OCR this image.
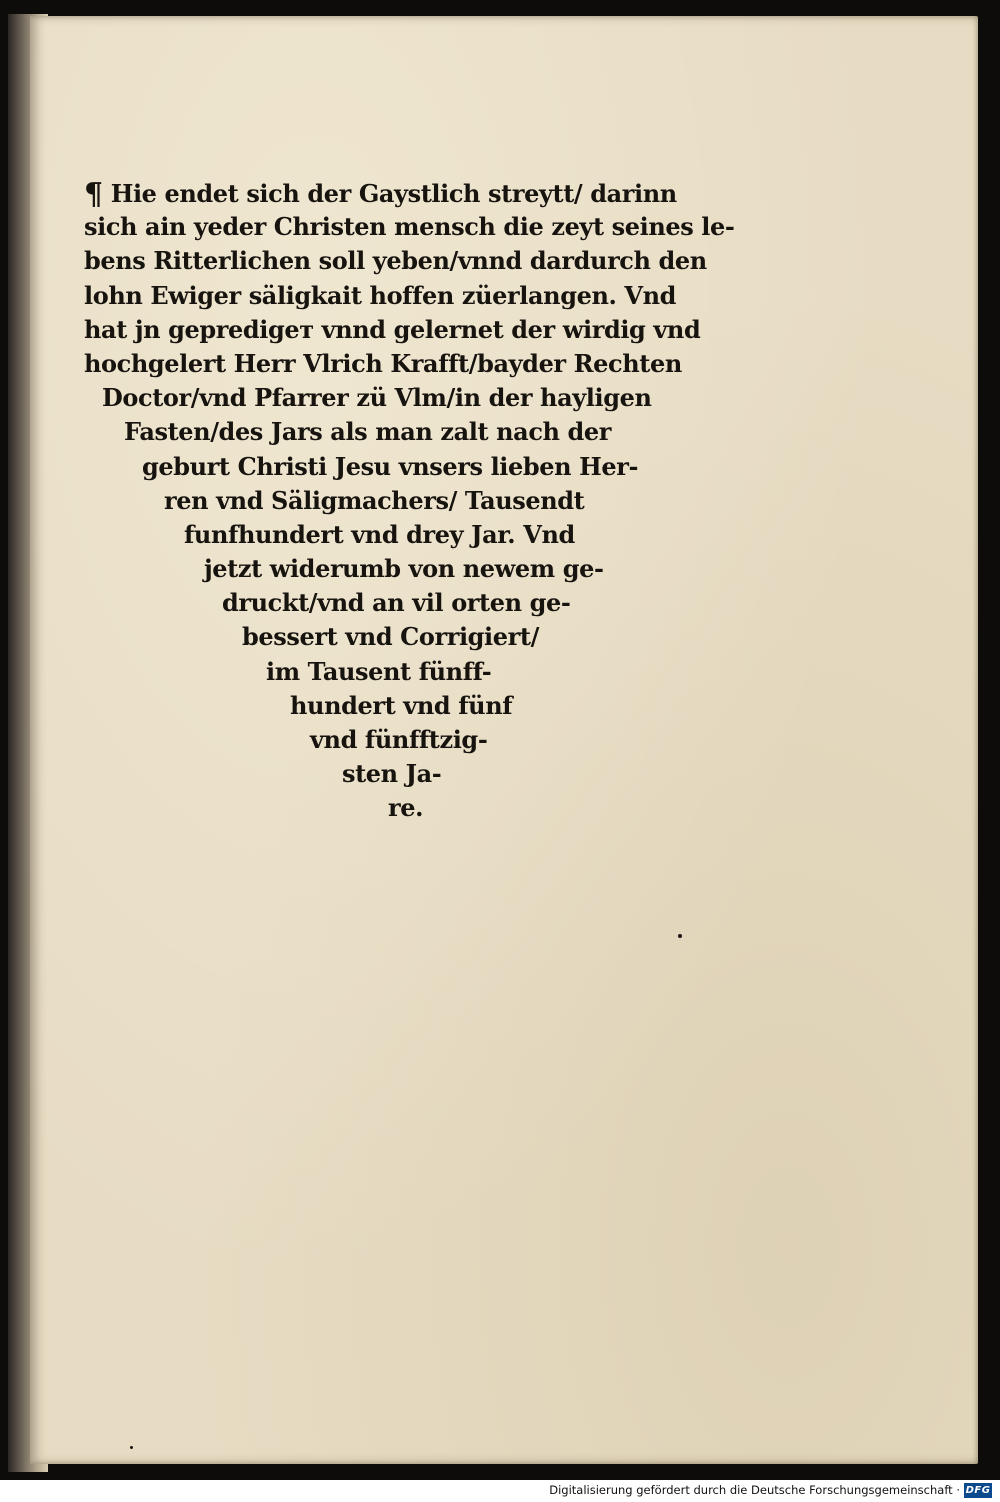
¶ Hie endet sich der Gaystlich streytt/ darinn
sich ain yeder Christen mensch die zeyt seines le-
bens Ritterlichen soll yeben/vnnd dardurch den
lohn Ewiger säligkait hoffen züerlangen. Vnd
hat jn gepredigет vnnd gelernet der wirdig vnd
hochgelert Herr Vlrich Krafft/bayder Rechten
Doctor/vnd Pfarrer zü Vlm/in der hayligen
Fasten/des Jars als man zalt nach der
geburt Christi Jesu vnsers lieben Her-
ren vnd Säligmachers/ Tausendt
funfhundert vnd drey Jar. Vnd
jetzt widerumb von newem ge-
druckt/vnd an vil orten ge-
bessert vnd Corrigiert/
im Tausent fünff-
hundert vnd fünf
vnd fünfftzig-
sten Ja-
re.
Digitalisierung gefördert durch die Deutsche Forschungsgemeinschaft · DFG
